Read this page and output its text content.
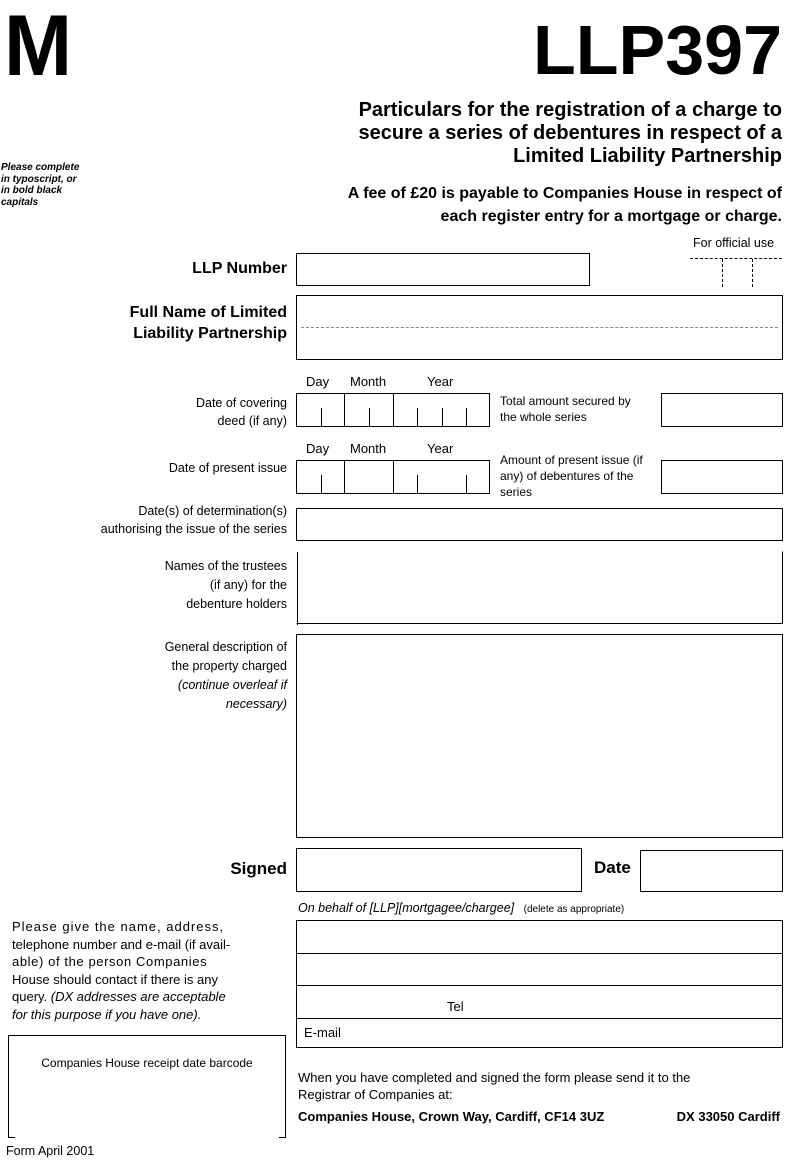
M	LLP397
Particulars for the registration of a charge to
secure a series of debentures in respect of a
Limited Liability Partnership
A fee of £20 is payable to Companies House in respect of
each register entry for a mortgage or charge.
Please complete
in typoscript, or
in bold black
capitals
For official use
LLP Number
Full Name of Limited
Liability Partnership
Day Month	Year
Date of covering
deed (if any)
Total amount secured by
the whole series
Day Month	Year
Date of present issue
Amount of present issue (if
any) of debentures of the
series
Date(s) of determination(s)
authorising the issue of the series
Names of the trustees
(if any) for the
debenture holders
General description of
the property charged
(continue overleaf if
necessary)
Signed	Date
On behalf of [LLP][mortgagee/chargee] (delete as appropriate)
Please give the name, address,
telephone number and e-mail (if avail-
able) of the person Companies
House should contact if there is any
query. (DX addresses are acceptable
for this purpose if you have one).	Tel
E-mail
Companies House receipt date barcode
When you have completed and signed the form please send it to the
Registrar of Companies at:
Companies House, Crown Way, Cardiff, CF14 3UZ	DX 33050 Cardiff
Form April 2001
